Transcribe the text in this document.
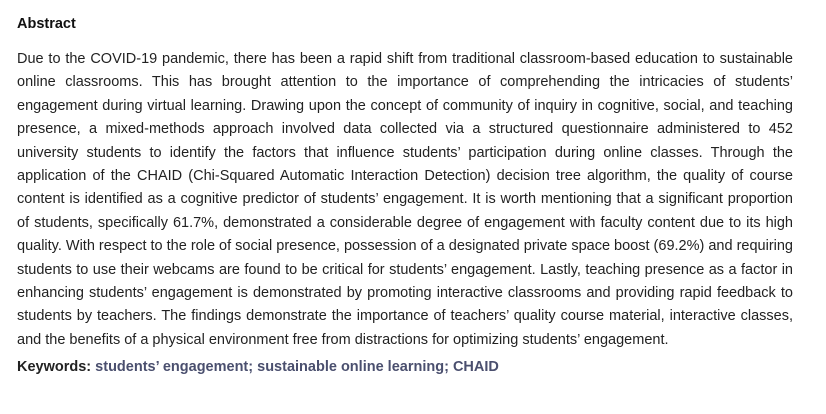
Abstract

Due to the COVID-19 pandemic, there has been a rapid shift from traditional classroom-based education to sustainable online classrooms. This has brought attention to the importance of comprehending the intricacies of students’ engagement during virtual learning. Drawing upon the concept of community of inquiry in cognitive, social, and teaching presence, a mixed-methods approach involved data collected via a structured questionnaire administered to 452 university students to identify the factors that influence students’ participation during online classes. Through the application of the CHAID (Chi-Squared Automatic Interaction Detection) decision tree algorithm, the quality of course content is identified as a cognitive predictor of students’ engagement. It is worth mentioning that a significant proportion of students, specifically 61.7%, demonstrated a considerable degree of engagement with faculty content due to its high quality. With respect to the role of social presence, possession of a designated private space boost (69.2%) and requiring students to use their webcams are found to be critical for students’ engagement. Lastly, teaching presence as a factor in enhancing students’ engagement is demonstrated by promoting interactive classrooms and providing rapid feedback to students by teachers. The findings demonstrate the importance of teachers’ quality course material, interactive classes, and the benefits of a physical environment free from distractions for optimizing students’ engagement.

Keywords: students’ engagement; sustainable online learning; CHAID
